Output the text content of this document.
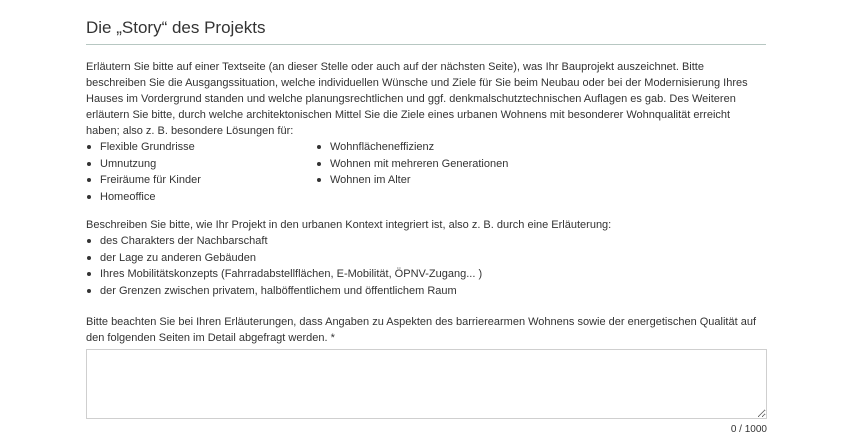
Die „Story“ des Projekts

Erläutern Sie bitte auf einer Textseite (an dieser Stelle oder auch auf der nächsten Seite), was Ihr Bauprojekt auszeichnet. Bitte beschreiben Sie die Ausgangssituation, welche individuellen Wünsche und Ziele für Sie beim Neubau oder bei der Modernisierung Ihres Hauses im Vordergrund standen und welche planungsrechtlichen und ggf. denkmalschutztechnischen Auflagen es gab. Des Weiteren erläutern Sie bitte, durch welche architektonischen Mittel Sie die Ziele eines urbanen Wohnens mit besonderer Wohnqualität erreicht haben; also z. B. besondere Lösungen für:

Flexible Grundrisse
Umnutzung
Freiräume für Kinder
Homeoffice
Wohnflächeneffizienz
Wohnen mit mehreren Generationen
Wohnen im Alter

Beschreiben Sie bitte, wie Ihr Projekt in den urbanen Kontext integriert ist, also z. B. durch eine Erläuterung:

des Charakters der Nachbarschaft
der Lage zu anderen Gebäuden
Ihres Mobilitätskonzepts (Fahrradabstellflächen, E-Mobilität, ÖPNV-Zugang... )
der Grenzen zwischen privatem, halböffentlichem und öffentlichem Raum

Bitte beachten Sie bei Ihren Erläuterungen, dass Angaben zu Aspekten des barrierearmen Wohnens sowie der energetischen Qualität auf den folgenden Seiten im Detail abgefragt werden. *

0 / 1000
